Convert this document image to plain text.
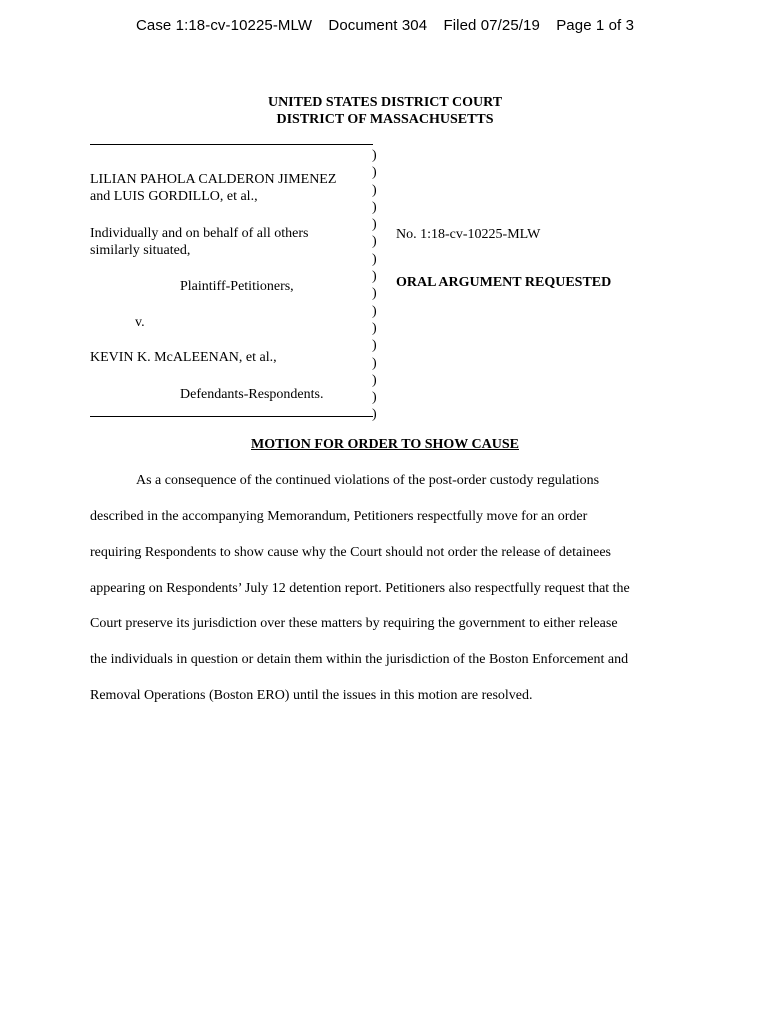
Case 1:18-cv-10225-MLW Document 304 Filed 07/25/19 Page 1 of 3
UNITED STATES DISTRICT COURT
DISTRICT OF MASSACHUSETTS
)
)
)
)
)
)
)
)
)
)
)
)
)
)
)
)
LILIAN PAHOLA CALDERON JIMENEZ
and LUIS GORDILLO, et al.,
Individually and on behalf of all others
similarly situated,
Plaintiff-Petitioners,
v.
KEVIN K. McALEENAN, et al.,
Defendants-Respondents.
No. 1:18-cv-10225-MLW
ORAL ARGUMENT REQUESTED
MOTION FOR ORDER TO SHOW CAUSE
As a consequence of the continued violations of the post-order custody regulations
described in the accompanying Memorandum, Petitioners respectfully move for an order
requiring Respondents to show cause why the Court should not order the release of detainees
appearing on Respondents’ July 12 detention report. Petitioners also respectfully request that the
Court preserve its jurisdiction over these matters by requiring the government to either release
the individuals in question or detain them within the jurisdiction of the Boston Enforcement and
Removal Operations (Boston ERO) until the issues in this motion are resolved.
